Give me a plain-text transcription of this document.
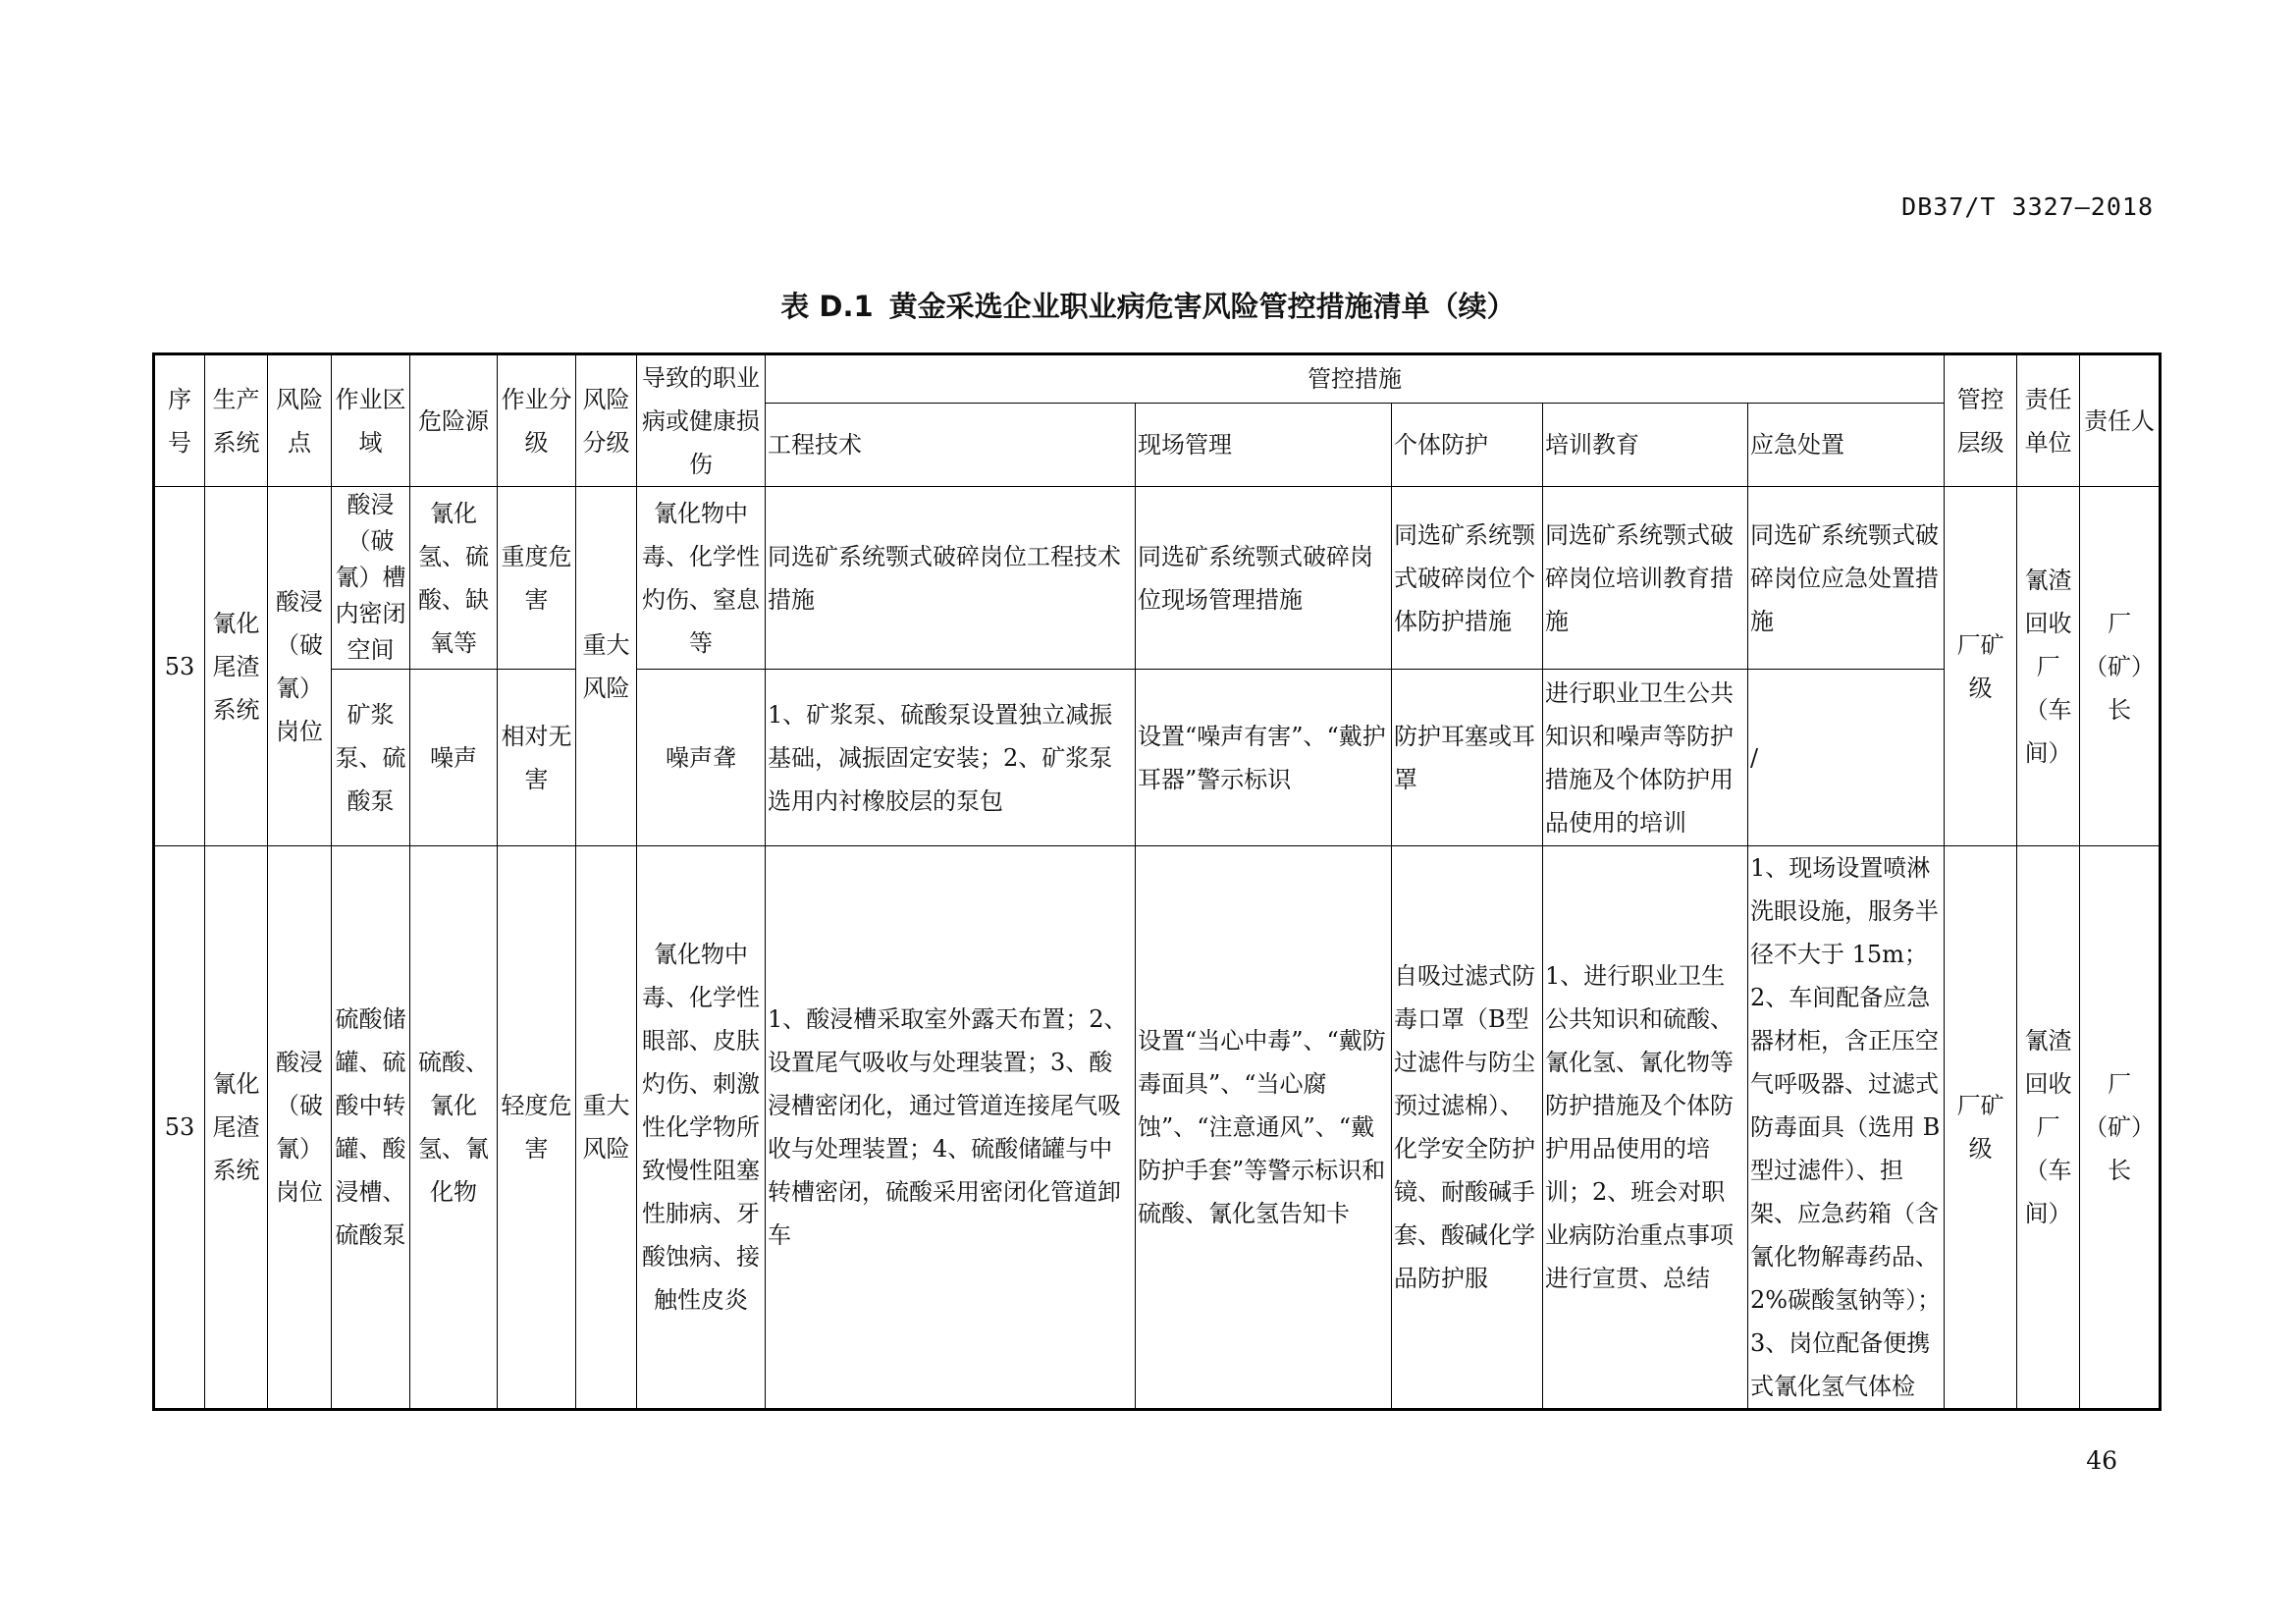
DB37/T 3327—2018
表 D.1 黄金采选企业职业病危害风险管控措施清单（续）
序号	生产系统	风险点	作业区域	危险源	作业分级	风险分级	导致的职业病或健康损伤	管控措施					管控层级	责任单位	责任人
								工程技术	现场管理	个体防护	培训教育	应急处置			
53	氰化尾渣系统	酸浸（破氰）岗位	酸浸（破氰）槽内密闭空间	氰化氢、硫酸、缺氧等	重度危害	重大风险	氰化物中毒、化学性灼伤、窒息等	同选矿系统颚式破碎岗位工程技术措施	同选矿系统颚式破碎岗位现场管理措施	同选矿系统颚式破碎岗位个体防护措施	同选矿系统颚式破碎岗位培训教育措施	同选矿系统颚式破碎岗位应急处置措施	厂矿级	氰渣回收厂（车间）	厂（矿）长
			矿浆泵、硫酸泵	噪声	相对无害		噪声聋	1、矿浆泵、硫酸泵设置独立减振基础，减振固定安装；2、矿浆泵选用内衬橡胶层的泵包	设置“噪声有害”、“戴护耳器”警示标识	防护耳塞或耳罩	进行职业卫生公共知识和噪声等防护措施及个体防护用品使用的培训	/			
53	氰化尾渣系统	酸浸（破氰）岗位	硫酸储罐、硫酸中转罐、酸浸槽、硫酸泵	硫酸、氰化氢、氰化物	轻度危害	重大风险	氰化物中毒、化学性眼部、皮肤灼伤、刺激性化学物所致慢性阻塞性肺病、牙酸蚀病、接触性皮炎	1、酸浸槽采取室外露天布置；2、设置尾气吸收与处理装置；3、酸浸槽密闭化，通过管道连接尾气吸收与处理装置；4、硫酸储罐与中转槽密闭，硫酸采用密闭化管道卸车	设置“当心中毒”、“戴防毒面具”、“当心腐蚀”、“注意通风”、“戴防护手套”等警示标识和硫酸、氰化氢告知卡	自吸过滤式防毒口罩（B型过滤件与防尘预过滤棉）、化学安全防护镜、耐酸碱手套、酸碱化学品防护服	1、进行职业卫生公共知识和硫酸、氰化氢、氰化物等防护措施及个体防护用品使用的培训；2、班会对职业病防治重点事项进行宣贯、总结	1、现场设置喷淋洗眼设施，服务半径不大于 15m；2、车间配备应急器材柜，含正压空气呼吸器、过滤式防毒面具（选用 B 型过滤件）、担架、应急药箱（含氰化物解毒药品、2%碳酸氢钠等）；3、岗位配备便携式氰化氢气体检	厂矿级	氰渣回收厂（车间）	厂（矿）长
46
